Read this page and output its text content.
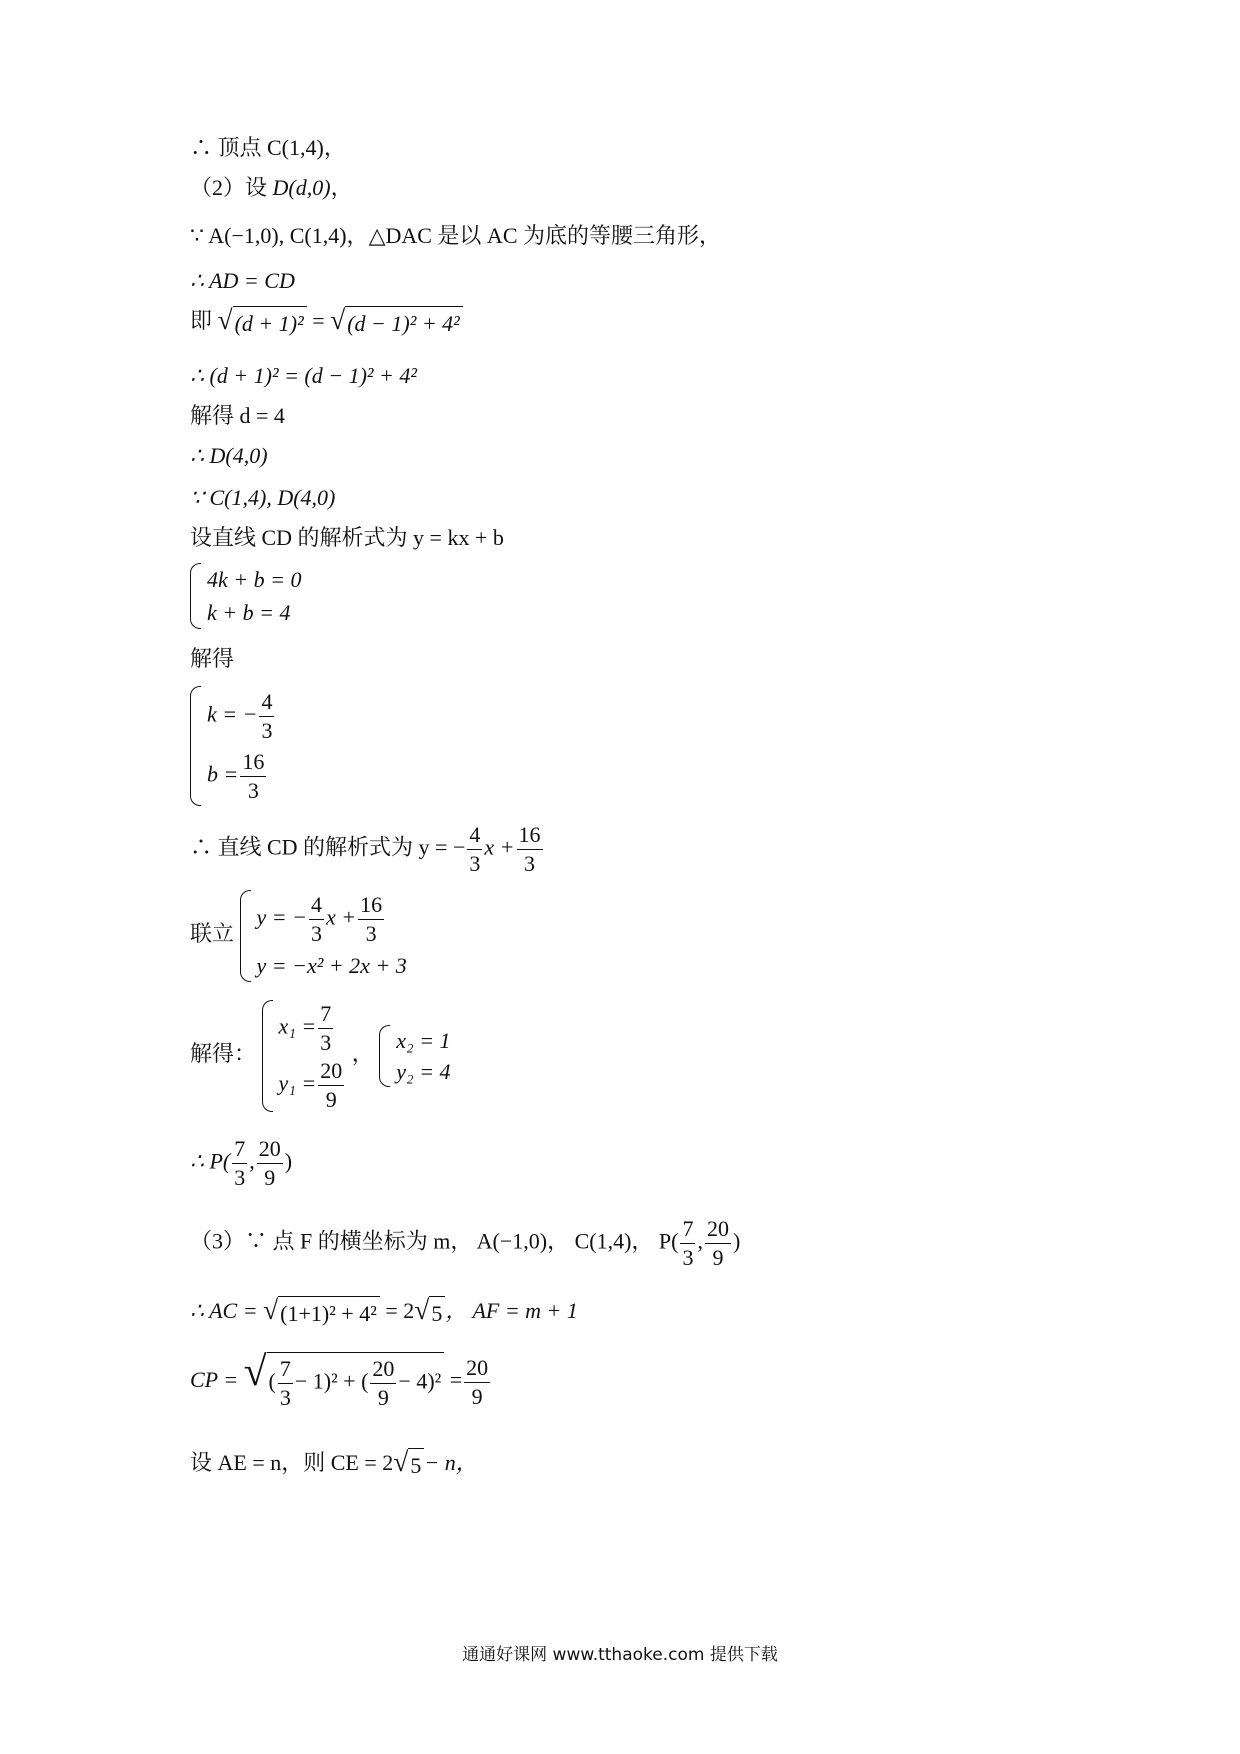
∴ 顶点 C(1,4)，
（2）设 D(d,0)，
∵ A(−1,0), C(1,4)，△DAC 是以 AC 为底的等腰三角形，
∴ AD = CD
即 √ (d + 1)² = √ (d − 1)² + 4²
∴ (d + 1)² = (d − 1)² + 4²
解得 d = 4
∴ D(4,0)
∵ C(1,4), D(4,0)
设直线 CD 的解析式为 y = kx + b
4k + b = 0
k + b = 4
解得
k = − $\frac{4}{3}$
$b = \frac{16}{3}$
∴ 直线 CD 的解析式为 y = − $\frac{4}{3}$ $x + \frac{16}{3}$
联立
y = − $\frac{4}{3}$ $x + \frac{16}{3}$
y = −x² + 2x + 3
解得：
$x_1 = \frac{7}{3}$
$y_1 = \frac{20}{9}$
，
x₂ = 1
y₂ = 4
∴ $P( \frac{7}{3}$ , $\frac{20}{9}$ )
（3）∵ 点 F 的横坐标为 m， A(−1,0)， C(1,4)， $P( \frac{7}{3}$ , $\frac{20}{9}$ )
∴ AC = √ (1+1)² + 4² = 2 √ 5 ， AF = m + 1
CP = √ ( $\frac{7}{3} - 1)^2$ + ( $\frac{20}{9} - 4)^2 = \frac{20}{9}$
设 AE = n，则 CE = 2 √ 5 − n，
通通好课网 www.tthaoke.com 提供下载
